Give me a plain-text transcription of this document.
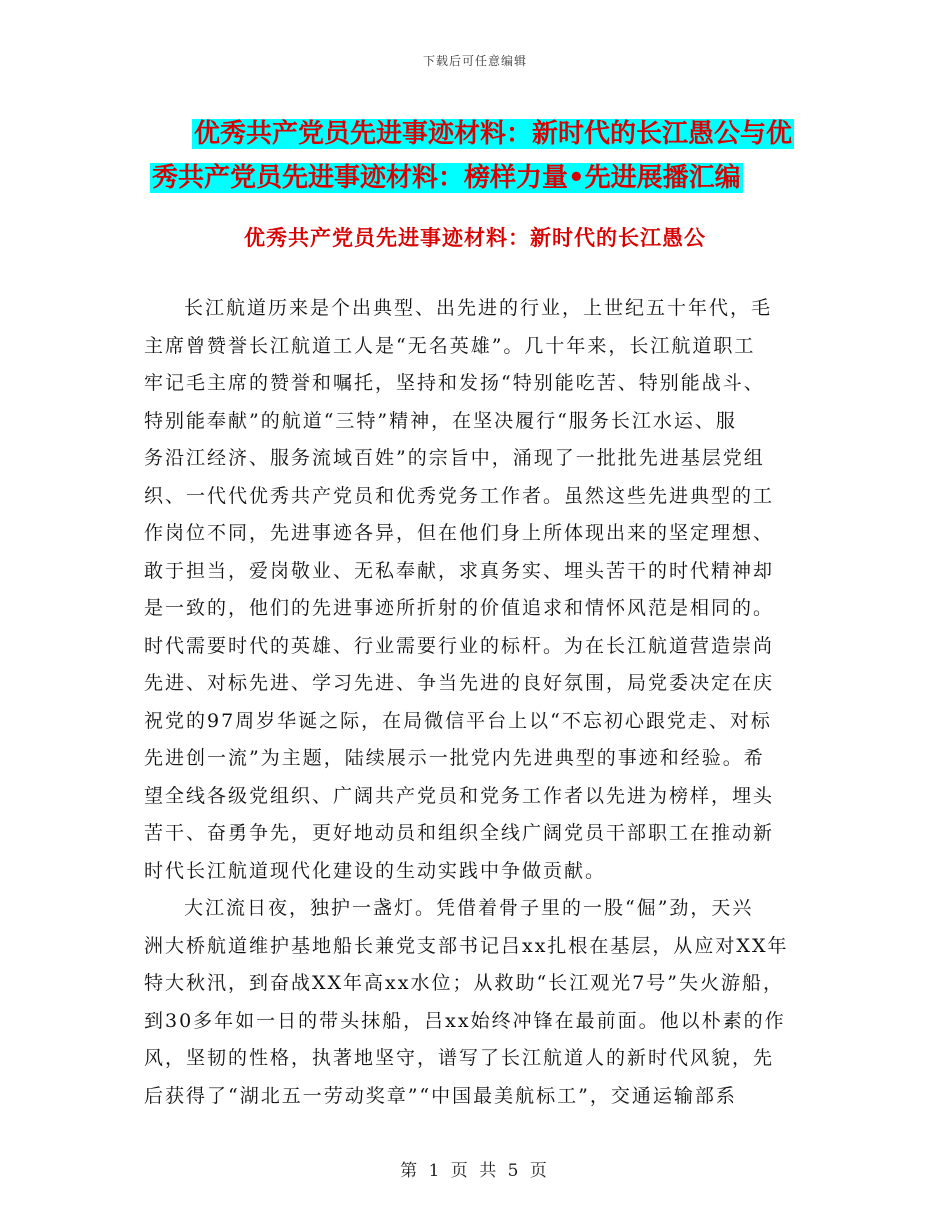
下载后可任意编辑
优秀共产党员先进事迹材料：新时代的长江愚公与优
秀共产党员先进事迹材料：榜样力量•先进展播汇编
优秀共产党员先进事迹材料：新时代的长江愚公
长江航道历来是个出典型、出先进的行业，上世纪五十年代，毛
主席曾赞誉长江航道工人是“无名英雄”。几十年来，长江航道职工
牢记毛主席的赞誉和嘱托，坚持和发扬“特别能吃苦、特别能战斗、
特别能奉献”的航道“三特”精神，在坚决履行“服务长江水运、服
务沿江经济、服务流域百姓”的宗旨中，涌现了一批批先进基层党组
织、一代代优秀共产党员和优秀党务工作者。虽然这些先进典型的工
作岗位不同，先进事迹各异，但在他们身上所体现出来的坚定理想、
敢于担当，爱岗敬业、无私奉献，求真务实、埋头苦干的时代精神却
是一致的，他们的先进事迹所折射的价值追求和情怀风范是相同的。
时代需要时代的英雄、行业需要行业的标杆。为在长江航道营造崇尚
先进、对标先进、学习先进、争当先进的良好氛围，局党委决定在庆
祝党的97周岁华诞之际，在局微信平台上以“不忘初心跟党走、对标
先进创一流”为主题，陆续展示一批党内先进典型的事迹和经验。希
望全线各级党组织、广阔共产党员和党务工作者以先进为榜样，埋头
苦干、奋勇争先，更好地动员和组织全线广阔党员干部职工在推动新
时代长江航道现代化建设的生动实践中争做贡献。
大江流日夜，独护一盏灯。凭借着骨子里的一股“倔”劲，天兴
洲大桥航道维护基地船长兼党支部书记吕xx扎根在基层，从应对XX年
特大秋汛，到奋战XX年高xx水位；从救助“长江观光7号”失火游船，
到30多年如一日的带头抹船，吕xx始终冲锋在最前面。他以朴素的作
风，坚韧的性格，执著地坚守，谱写了长江航道人的新时代风貌，先
后获得了“湖北五一劳动奖章”“中国最美航标工”，交通运输部系
第 1 页 共 5 页
